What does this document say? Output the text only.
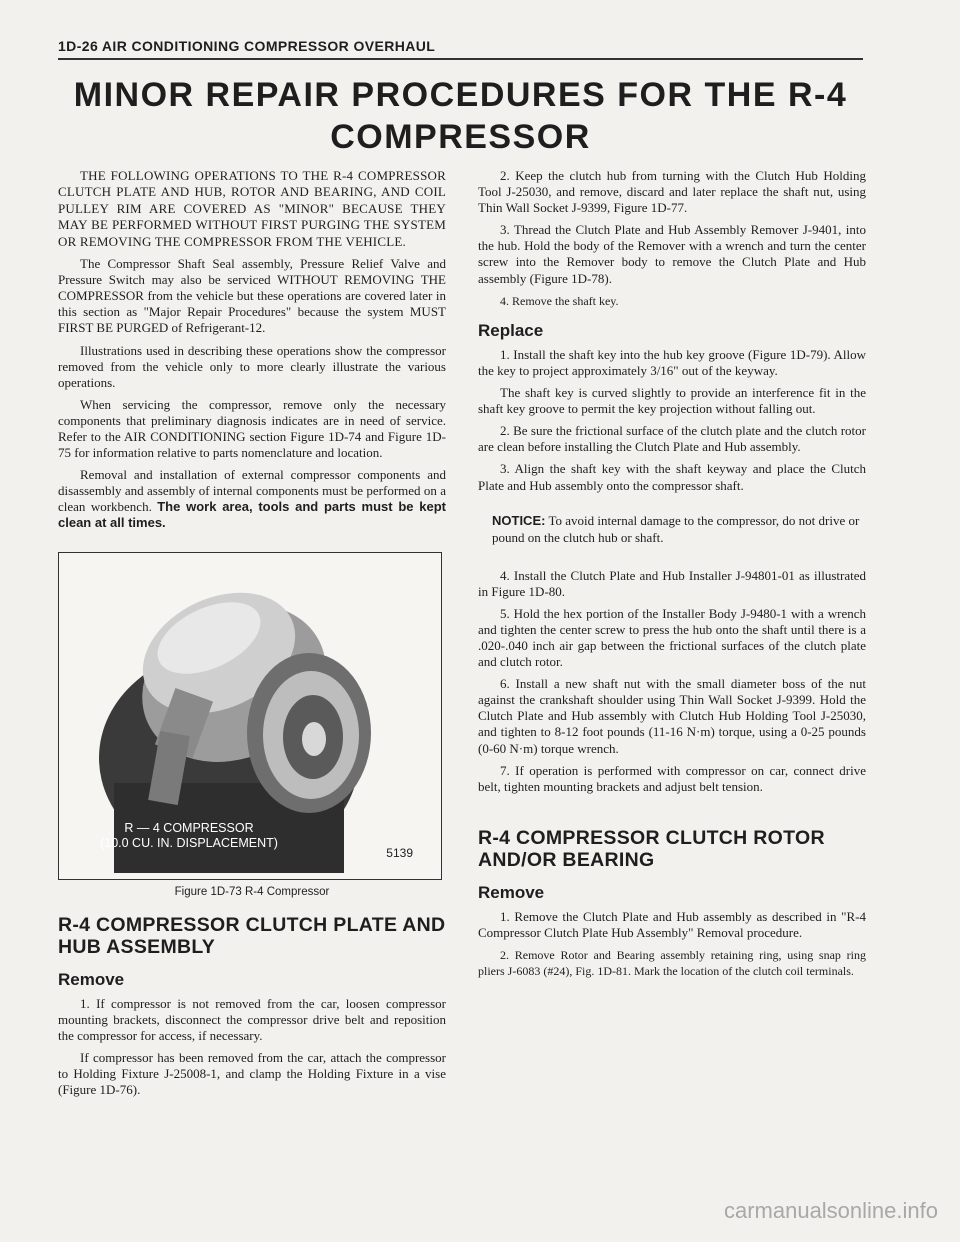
1D-26 AIR CONDITIONING COMPRESSOR OVERHAUL
MINOR REPAIR PROCEDURES FOR THE R-4
COMPRESSOR

THE FOLLOWING OPERATIONS TO THE R-4 COMPRESSOR CLUTCH PLATE AND HUB, ROTOR AND BEARING, AND COIL PULLEY RIM ARE COVERED AS "MINOR" BECAUSE THEY MAY BE PERFORMED WITHOUT FIRST PURGING THE SYSTEM OR REMOVING THE COMPRESSOR FROM THE VEHICLE.

The Compressor Shaft Seal assembly, Pressure Relief Valve and Pressure Switch may also be serviced WITHOUT REMOVING THE COMPRESSOR from the vehicle but these operations are covered later in this section as "Major Repair Procedures" because the system MUST FIRST BE PURGED of Refrigerant-12.

Illustrations used in describing these operations show the compressor removed from the vehicle only to more clearly illustrate the various operations.

When servicing the compressor, remove only the necessary components that preliminary diagnosis indicates are in need of service. Refer to the AIR CONDITIONING section Figure 1D-74 and Figure 1D-75 for information relative to parts nomenclature and location.

Removal and installation of external compressor components and disassembly and assembly of internal components must be performed on a clean workbench. The work area, tools and parts must be kept clean at all times.

R — 4 COMPRESSOR
(10.0 CU. IN. DISPLACEMENT)
5139
Figure 1D-73 R-4 Compressor
R-4 COMPRESSOR CLUTCH PLATE AND HUB ASSEMBLY
Remove

1. If compressor is not removed from the car, loosen compressor mounting brackets, disconnect the compressor drive belt and reposition the compressor for access, if necessary.

If compressor has been removed from the car, attach the compressor to Holding Fixture J-25008-1, and clamp the Holding Fixture in a vise (Figure 1D-76).

2. Keep the clutch hub from turning with the Clutch Hub Holding Tool J-25030, and remove, discard and later replace the shaft nut, using Thin Wall Socket J-9399, Figure 1D-77.

3. Thread the Clutch Plate and Hub Assembly Remover J-9401, into the hub. Hold the body of the Remover with a wrench and turn the center screw into the Remover body to remove the Clutch Plate and Hub assembly (Figure 1D-78).

4. Remove the shaft key.

Replace

1. Install the shaft key into the hub key groove (Figure 1D-79). Allow the key to project approximately 3/16" out of the keyway.

The shaft key is curved slightly to provide an interference fit in the shaft key groove to permit the key projection without falling out.

2. Be sure the frictional surface of the clutch plate and the clutch rotor are clean before installing the Clutch Plate and Hub assembly.

3. Align the shaft key with the shaft keyway and place the Clutch Plate and Hub assembly onto the compressor shaft.

NOTICE: To avoid internal damage to the compressor, do not drive or pound on the clutch hub or shaft.

4. Install the Clutch Plate and Hub Installer J-94801-01 as illustrated in Figure 1D-80.

5. Hold the hex portion of the Installer Body J-9480-1 with a wrench and tighten the center screw to press the hub onto the shaft until there is a .020-.040 inch air gap between the frictional surfaces of the clutch plate and clutch rotor.

6. Install a new shaft nut with the small diameter boss of the nut against the crankshaft shoulder using Thin Wall Socket J-9399. Hold the Clutch Plate and Hub assembly with Clutch Hub Holding Tool J-25030, and tighten to 8-12 foot pounds (11-16 N·m) torque, using a 0-25 pounds (0-60 N·m) torque wrench.

7. If operation is performed with compressor on car, connect drive belt, tighten mounting brackets and adjust belt tension.

R-4 COMPRESSOR CLUTCH ROTOR AND/OR BEARING
Remove

1. Remove the Clutch Plate and Hub assembly as described in "R-4 Compressor Clutch Plate Hub Assembly" Removal procedure.

2. Remove Rotor and Bearing assembly retaining ring, using snap ring pliers J-6083 (#24), Fig. 1D-81. Mark the location of the clutch coil terminals.

carmanualsonline.info
